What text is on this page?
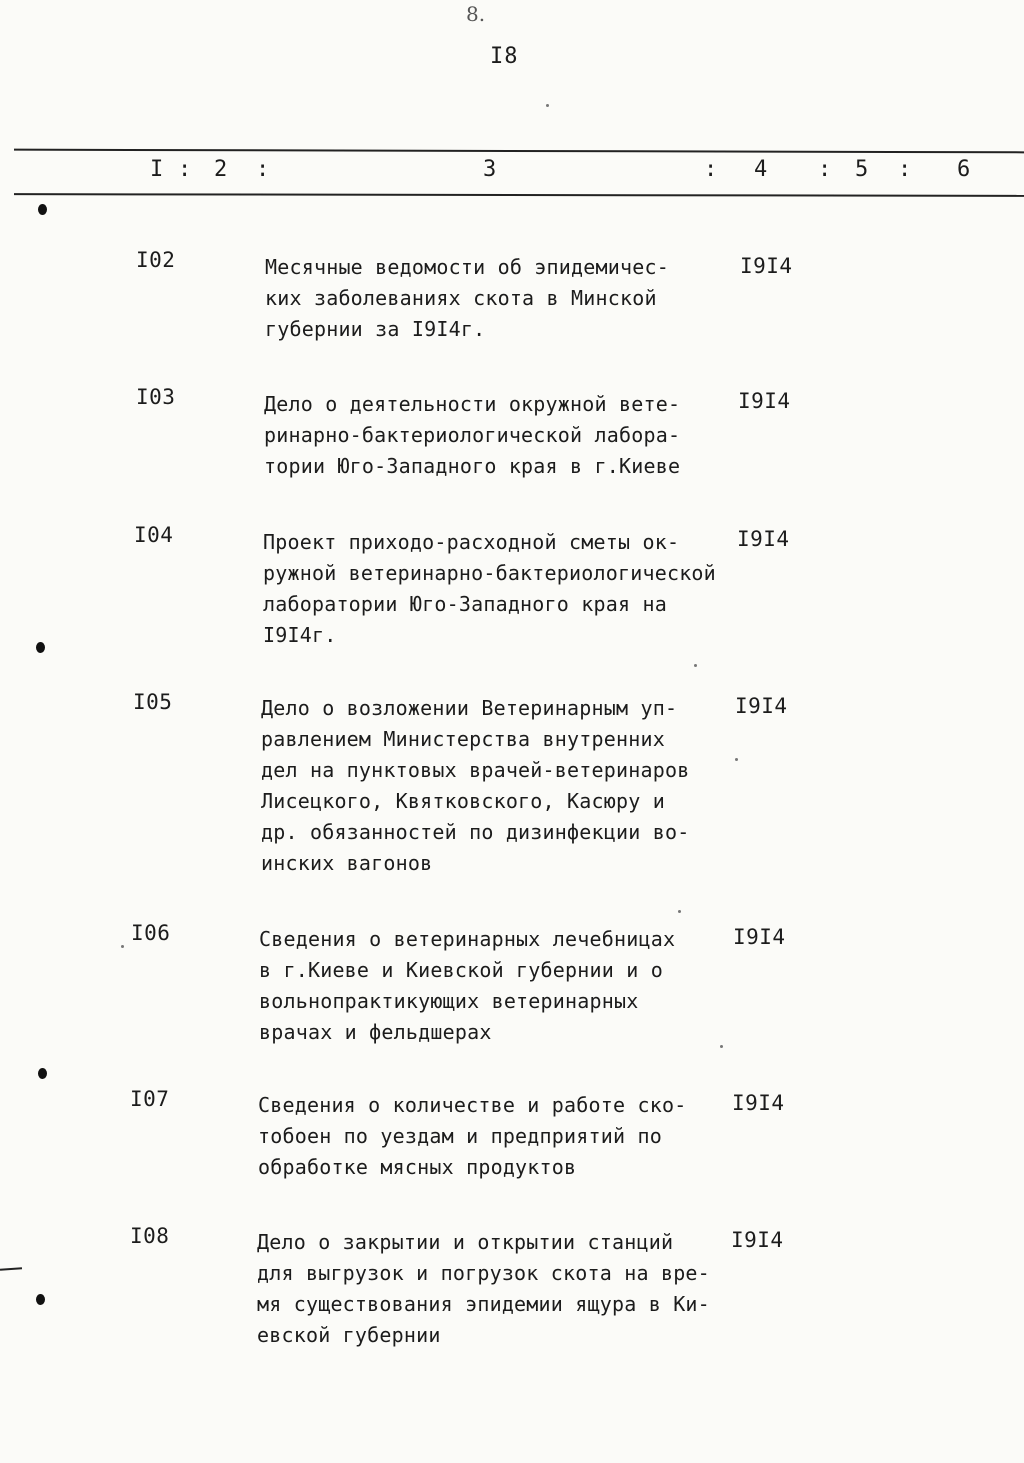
8.
I8
I : 2 :	3	: 4 : 5 : 6
I02	Месячные ведомости об эпидемичес-
ких заболеваниях скота в Минской
губернии за I9I4г.
I9I4
I03	Дело о деятельности окружной вете-
ринарно-бактериологической лабора-
тории Юго-Западного края в г.Киеве
I9I4
I04	Проект приходо-расходной сметы ок-
ружной ветеринарно-бактериологической
лаборатории Юго-Западного края на
I9I4г.
I9I4
I05	Дело о возложении Ветеринарным уп-
равлением Министерства внутренних
дел на пунктовых врачей-ветеринаров
Лисецкого, Квятковского, Касюру и
др. обязанностей по дизинфекции во-
инских вагонов
I9I4
I06	Сведения о ветеринарных лечебницах
в г.Киеве и Киевской губернии и о
вольнопрактикующих ветеринарных
врачах и фельдшерах
I9I4
I07	Сведения о количестве и работе ско-
тобоен по уездам и предприятий по
обработке мясных продуктов
I9I4
I08	Дело о закрытии и открытии станций
для выгрузок и погрузок скота на вре-
мя существования эпидемии ящура в Ки-
евской губернии
I9I4
